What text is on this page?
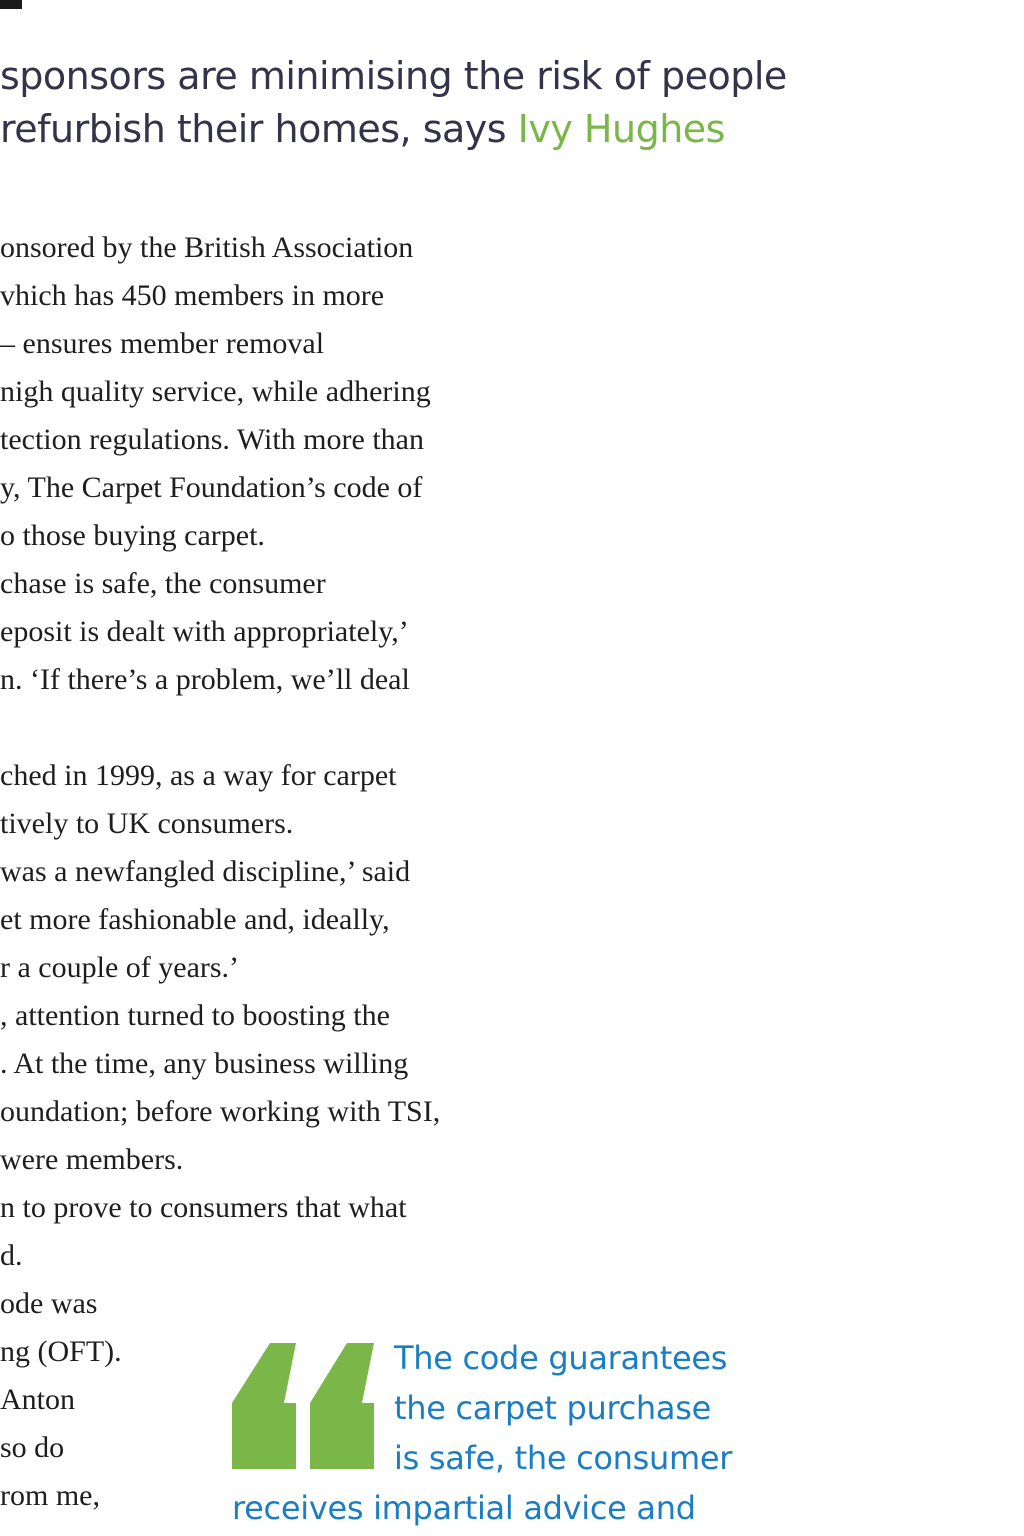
sponsors are minimising the risk of people
refurbish their homes, says Ivy Hughes
onsored by the British Association
vhich has 450 members in more
– ensures member removal
nigh quality service, while adhering
tection regulations. With more than
y, The Carpet Foundation’s code of
o those buying carpet.
chase is safe, the consumer
eposit is dealt with appropriately,’
n. ‘If there’s a problem, we’ll deal
ched in 1999, as a way for carpet
tively to UK consumers.
was a newfangled discipline,’ said
et more fashionable and, ideally,
r a couple of years.’
, attention turned to boosting the
. At the time, any business willing
oundation; before working with TSI,
were members.
n to prove to consumers that what
d.
ode was
ng (OFT).
Anton
so do
rom me,
The code guarantees
the carpet purchase
is safe, the consumer
receives impartial advice and
